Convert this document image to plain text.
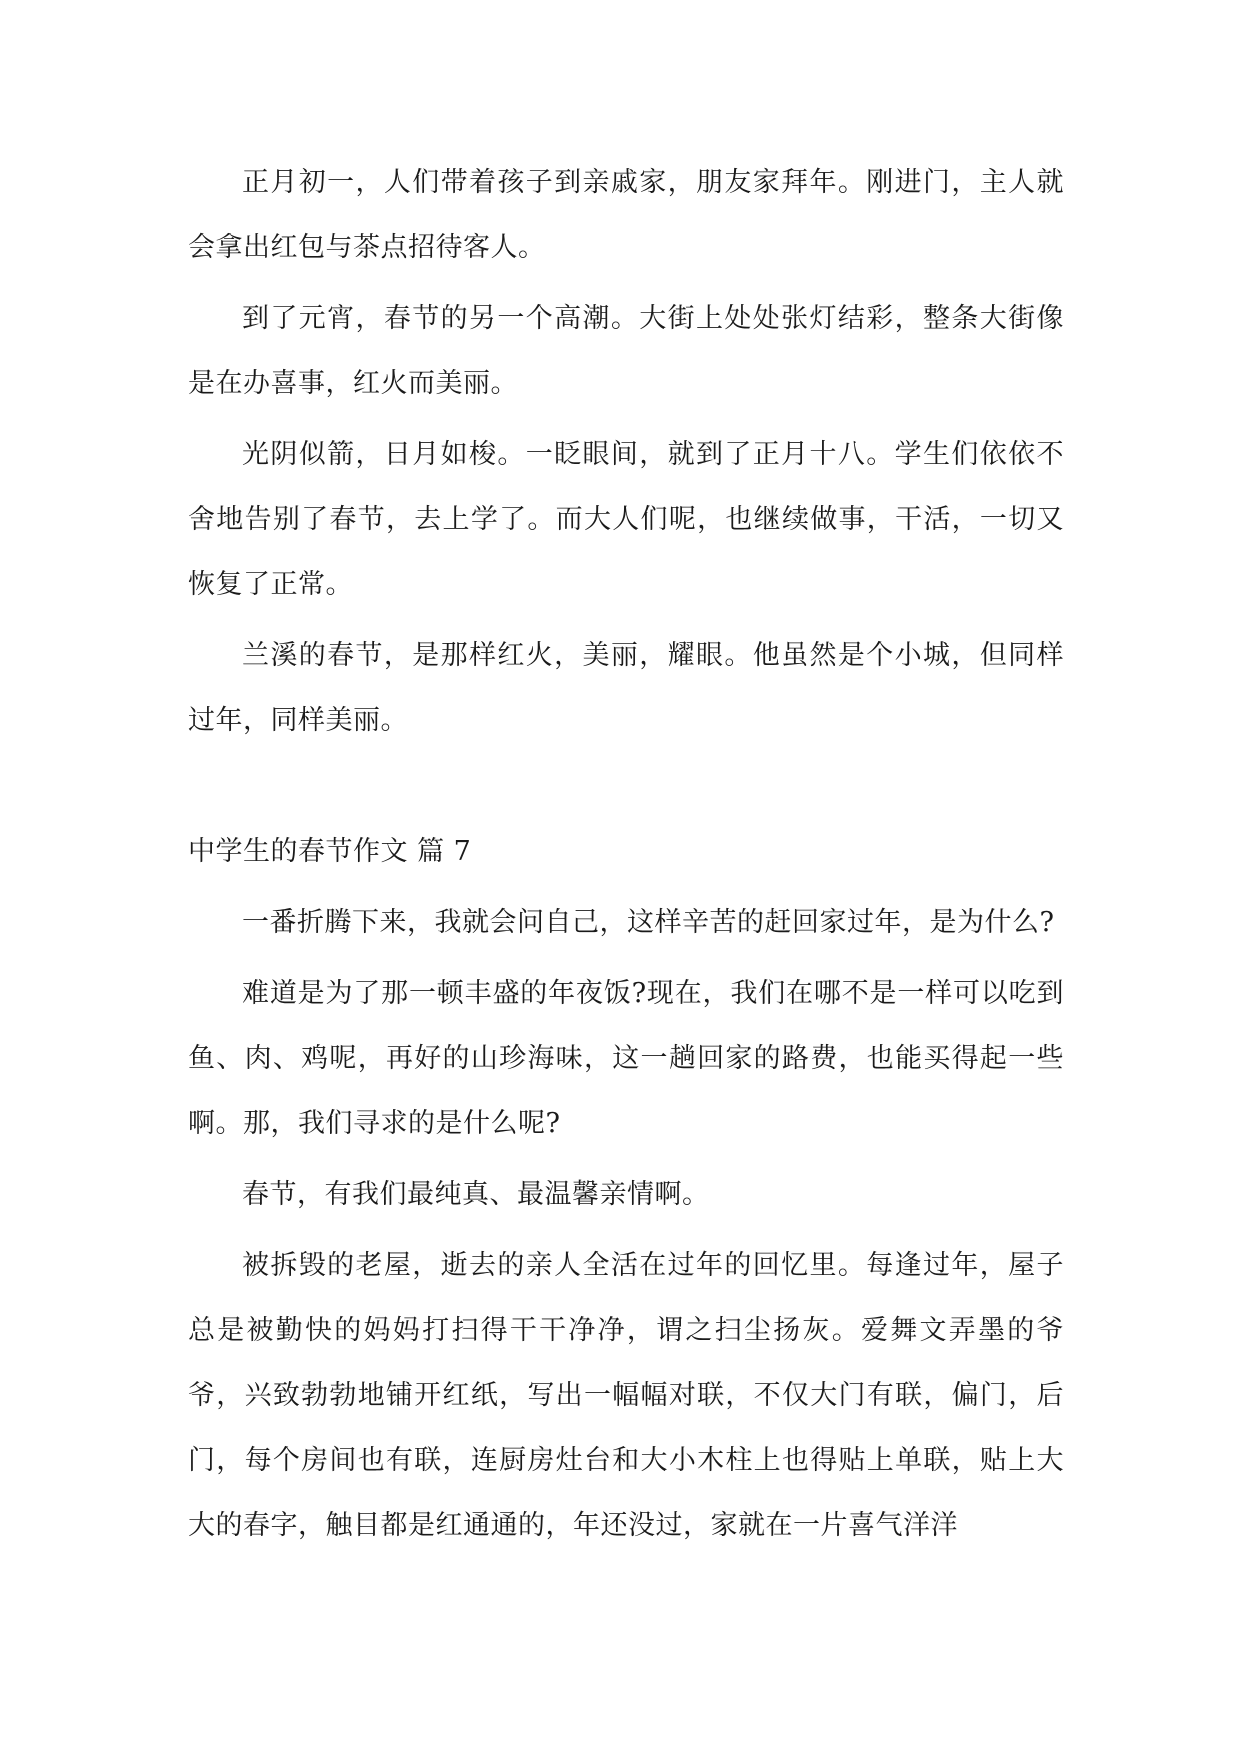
正月初一，人们带着孩子到亲戚家，朋友家拜年。刚进门，主人就会拿出红包与茶点招待客人。

到了元宵，春节的另一个高潮。大街上处处张灯结彩，整条大街像是在办喜事，红火而美丽。

光阴似箭，日月如梭。一眨眼间，就到了正月十八。学生们依依不舍地告别了春节，去上学了。而大人们呢，也继续做事，干活，一切又恢复了正常。

兰溪的春节，是那样红火，美丽，耀眼。他虽然是个小城，但同样过年，同样美丽。

中学生的春节作文 篇 7

一番折腾下来，我就会问自己，这样辛苦的赶回家过年，是为什么?

难道是为了那一顿丰盛的年夜饭?现在，我们在哪不是一样可以吃到鱼、肉、鸡呢，再好的山珍海味，这一趟回家的路费，也能买得起一些啊。那，我们寻求的是什么呢?

春节，有我们最纯真、最温馨亲情啊。

被拆毁的老屋，逝去的亲人全活在过年的回忆里。每逢过年，屋子总是被勤快的妈妈打扫得干干净净，谓之扫尘扬灰。爱舞文弄墨的爷爷，兴致勃勃地铺开红纸，写出一幅幅对联，不仅大门有联，偏门，后门，每个房间也有联，连厨房灶台和大小木柱上也得贴上单联，贴上大大的春字，触目都是红通通的，年还没过，家就在一片喜气洋洋
